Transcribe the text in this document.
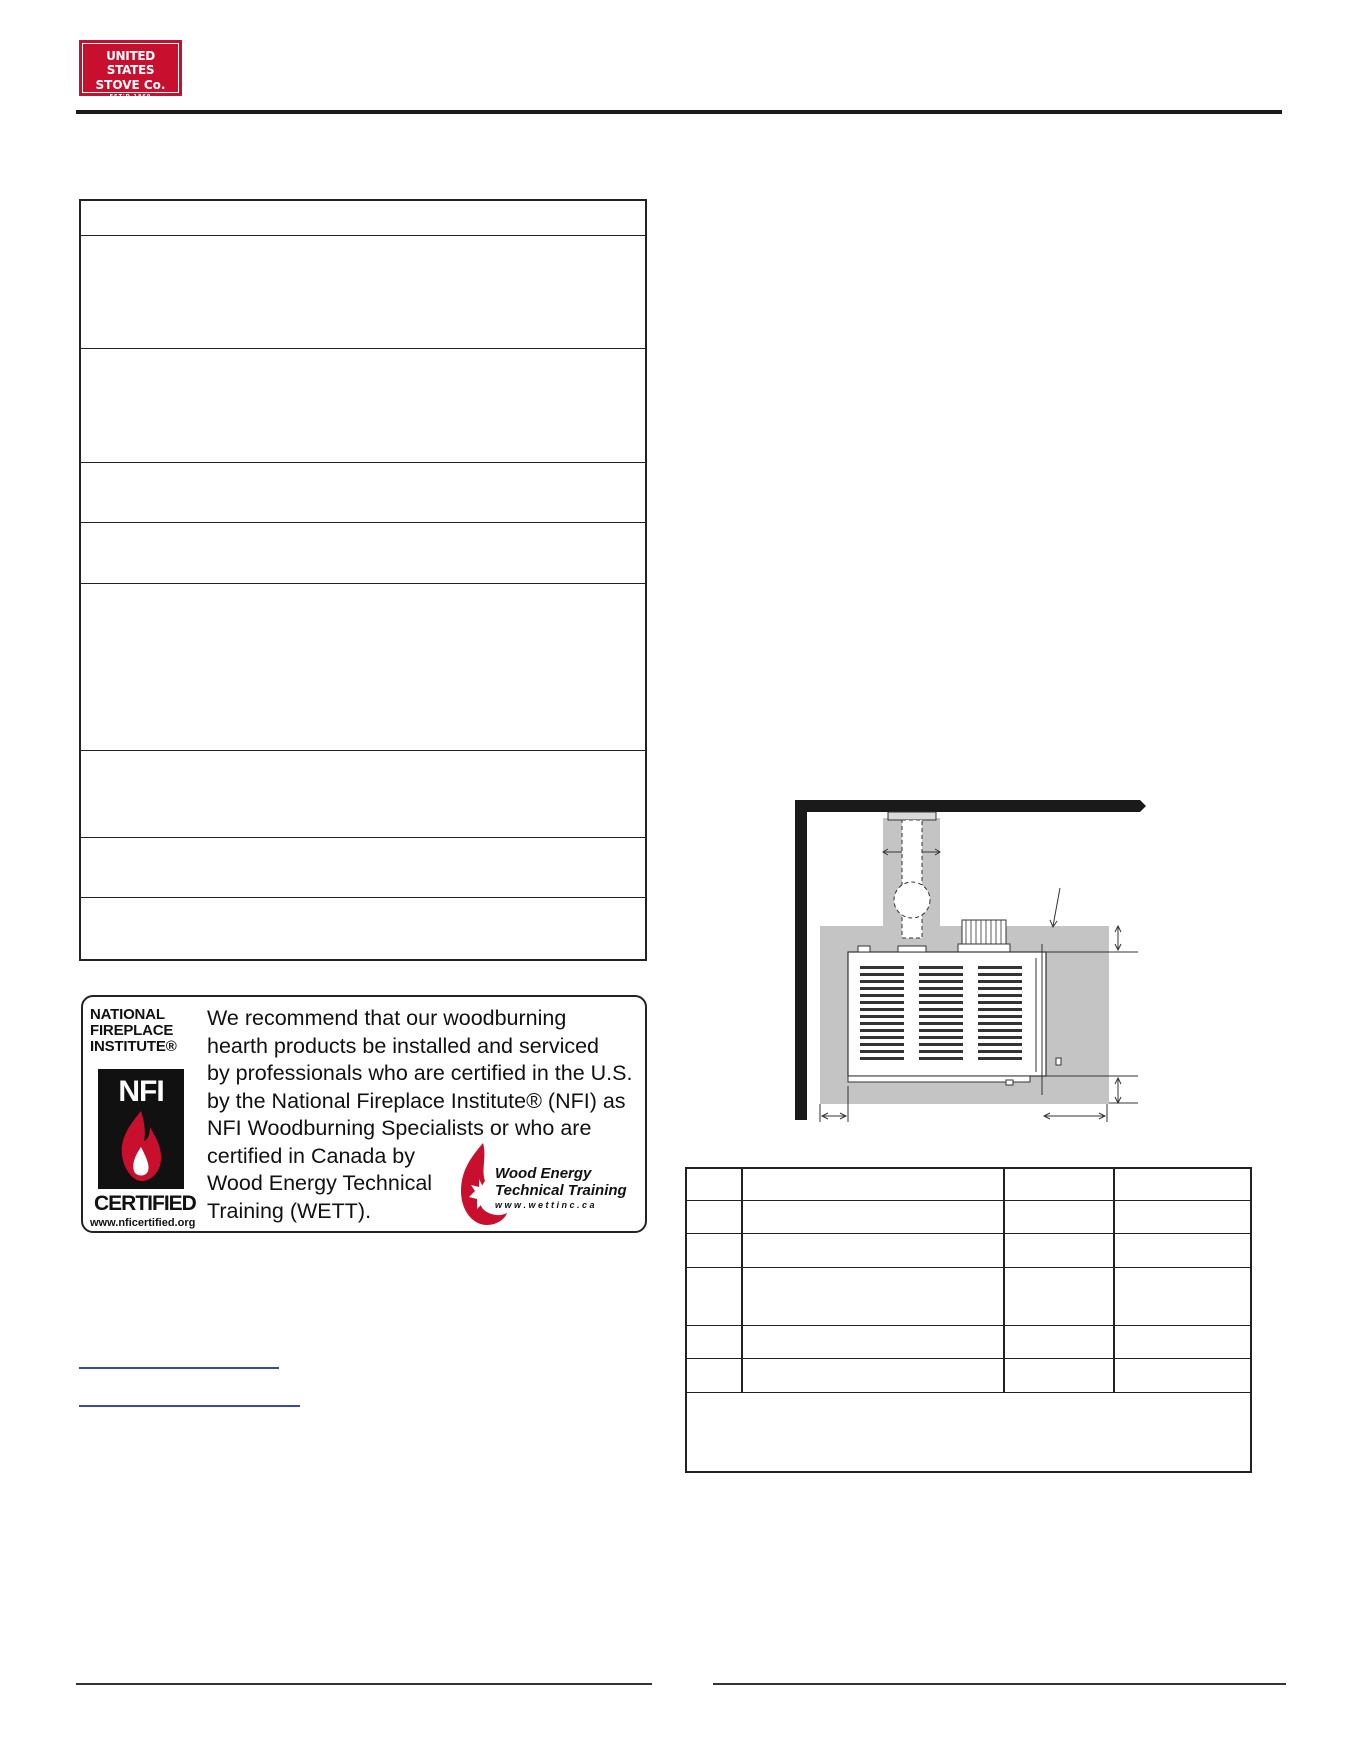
UNITED STATES
STOVE Co.
EST'D 1869
NATIONAL
FIREPLACE
INSTITUTE®
NFI
CERTIFIED
www.nficertified.org
We recommend that our woodburning
hearth products be installed and serviced
by professionals who are certified in the U.S.
by the National Fireplace Institute® (NFI) as
NFI Woodburning Specialists or who are
certified in Canada by
Wood Energy Technical
Training (WETT).
Wood Energy
Technical Training
w w w . w e t t i n c . c a
